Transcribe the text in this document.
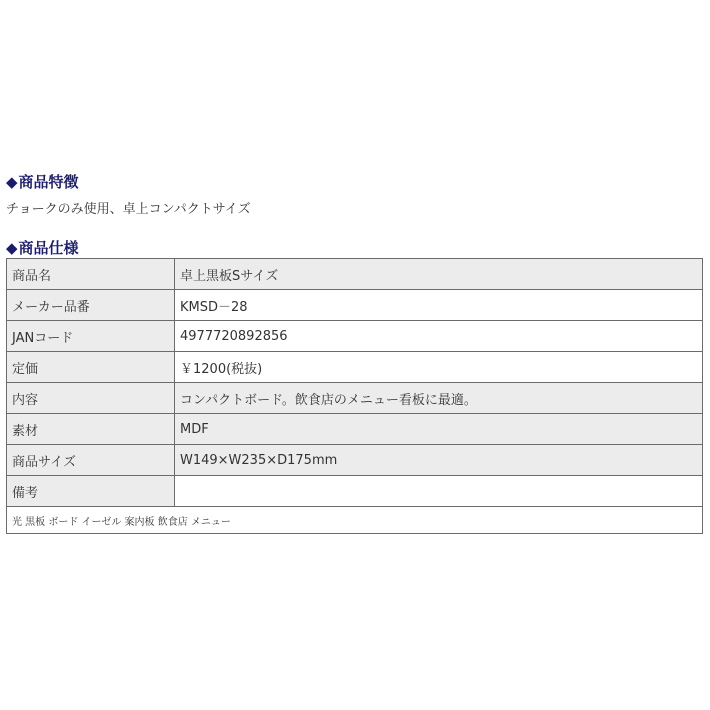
◆商品特徴
チョークのみ使用、卓上コンパクトサイズ
◆商品仕様
商品名	卓上黒板Sサイズ
メーカー品番	KMSD－28
JANコード	4977720892856
定価	￥1200(税抜)
内容	コンパクトボード。飲食店のメニュー看板に最適。
素材	MDF
商品サイズ	W149×W235×D175mm
備考	
光 黒板 ボード イーゼル 案内板 飲食店 メニュー	
